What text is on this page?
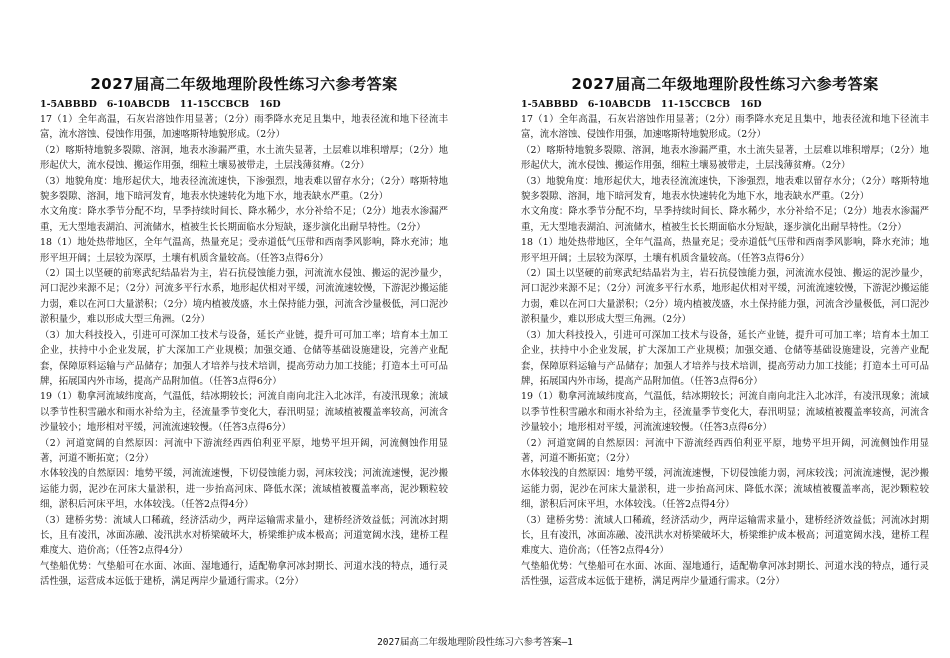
2027届高二年级地理阶段性练习六参考答案
1-5ABBBD   6-10ABCDB   11-15CCBCB   16D

17（1）全年高温，石灰岩溶蚀作用显著；（2分）雨季降水充足且集中，地表径流和地下径流丰富，流水溶蚀、侵蚀作用强，加速喀斯特地貌形成。（2分）

（2）喀斯特地貌多裂隙、溶洞，地表水渗漏严重，水土流失显著，土层难以堆积增厚；（2分）地形起伏大，流水侵蚀、搬运作用强，细粒土壤易被带走，土层浅薄贫瘠。（2分）

（3）地貌角度：地形起伏大，地表径流流速快，下渗强烈，地表难以留存水分；（2分）喀斯特地貌多裂隙、溶洞，地下暗河发育，地表水快速转化为地下水，地表缺水严重。（2分）

水文角度：降水季节分配不均，旱季持续时间长、降水稀少，水分补给不足；（2分）地表水渗漏严重，无大型地表湖泊、河流储水，植被生长长期面临水分短缺，逐步演化出耐旱特性。（2分）

18（1）地处热带地区，全年气温高，热量充足；受赤道低气压带和西南季风影响，降水充沛；地形平坦开阔；土层较为深厚，土壤有机质含量较高。（任答3点得6分）

（2）国土以坚硬的前寒武纪结晶岩为主，岩石抗侵蚀能力强，河流流水侵蚀、搬运的泥沙量少，河口泥沙来源不足；（2分）河流多平行水系，地形起伏相对平缓，河流流速较慢，下游泥沙搬运能力弱，难以在河口大量淤积；（2分）境内植被茂盛，水土保持能力强，河流含沙量极低，河口泥沙淤积量少，难以形成大型三角洲。（2分）

（3）加大科技投入，引进可可深加工技术与设备，延长产业链，提升可可加工率；培育本土加工企业，扶持中小企业发展，扩大深加工产业规模；加强交通、仓储等基础设施建设，完善产业配套，保障原料运输与产品储存；加强人才培养与技术培训，提高劳动力加工技能；打造本土可可品牌，拓展国内外市场，提高产品附加值。（任答3点得6分）

19（1）勒拿河流域纬度高，气温低，结冰期较长；河流自南向北注入北冰洋，有凌汛现象；流域以季节性积雪融水和雨水补给为主，径流量季节变化大，春汛明显；流域植被覆盖率较高，河流含沙量较小；地形相对平缓，河流流速较慢。（任答3点得6分）

（2）河道宽阔的自然原因：河流中下游流经西西伯利亚平原，地势平坦开阔，河流侧蚀作用显著，河道不断拓宽；（2分）

水体较浅的自然原因：地势平缓，河流流速慢，下切侵蚀能力弱，河床较浅；河流流速慢，泥沙搬运能力弱，泥沙在河床大量淤积，进一步抬高河床、降低水深；流域植被覆盖率高，泥沙颗粒较细，淤积后河床平坦，水体较浅。（任答2点得4分）

（3）建桥劣势：流域人口稀疏，经济活动少，两岸运输需求量小，建桥经济效益低；河流冰封期长，且有凌汛，冰面冻融、凌汛洪水对桥梁破坏大，桥梁维护成本极高；河道宽阔水浅，建桥工程难度大、造价高；（任答2点得4分）

气垫船优势：气垫船可在水面、冰面、湿地通行，适配勒拿河冰封期长、河道水浅的特点，通行灵活性强，运营成本远低于建桥，满足两岸少量通行需求。（2分）

2027届高二年级地理阶段性练习六参考答案
1-5ABBBD   6-10ABCDB   11-15CCBCB   16D

17（1）全年高温，石灰岩溶蚀作用显著；（2分）雨季降水充足且集中，地表径流和地下径流丰富，流水溶蚀、侵蚀作用强，加速喀斯特地貌形成。（2分）

（2）喀斯特地貌多裂隙、溶洞，地表水渗漏严重，水土流失显著，土层难以堆积增厚；（2分）地形起伏大，流水侵蚀、搬运作用强，细粒土壤易被带走，土层浅薄贫瘠。（2分）

（3）地貌角度：地形起伏大，地表径流流速快，下渗强烈，地表难以留存水分；（2分）喀斯特地貌多裂隙、溶洞，地下暗河发育，地表水快速转化为地下水，地表缺水严重。（2分）

水文角度：降水季节分配不均，旱季持续时间长、降水稀少，水分补给不足；（2分）地表水渗漏严重，无大型地表湖泊、河流储水，植被生长长期面临水分短缺，逐步演化出耐旱特性。（2分）

18（1）地处热带地区，全年气温高，热量充足；受赤道低气压带和西南季风影响，降水充沛；地形平坦开阔；土层较为深厚，土壤有机质含量较高。（任答3点得6分）

（2）国土以坚硬的前寒武纪结晶岩为主，岩石抗侵蚀能力强，河流流水侵蚀、搬运的泥沙量少，河口泥沙来源不足；（2分）河流多平行水系，地形起伏相对平缓，河流流速较慢，下游泥沙搬运能力弱，难以在河口大量淤积；（2分）境内植被茂盛，水土保持能力强，河流含沙量极低，河口泥沙淤积量少，难以形成大型三角洲。（2分）

（3）加大科技投入，引进可可深加工技术与设备，延长产业链，提升可可加工率；培育本土加工企业，扶持中小企业发展，扩大深加工产业规模；加强交通、仓储等基础设施建设，完善产业配套，保障原料运输与产品储存；加强人才培养与技术培训，提高劳动力加工技能；打造本土可可品牌，拓展国内外市场，提高产品附加值。（任答3点得6分）

19（1）勒拿河流域纬度高，气温低，结冰期较长；河流自南向北注入北冰洋，有凌汛现象；流域以季节性积雪融水和雨水补给为主，径流量季节变化大，春汛明显；流域植被覆盖率较高，河流含沙量较小；地形相对平缓，河流流速较慢。（任答3点得6分）

（2）河道宽阔的自然原因：河流中下游流经西西伯利亚平原，地势平坦开阔，河流侧蚀作用显著，河道不断拓宽；（2分）

水体较浅的自然原因：地势平缓，河流流速慢，下切侵蚀能力弱，河床较浅；河流流速慢，泥沙搬运能力弱，泥沙在河床大量淤积，进一步抬高河床、降低水深；流域植被覆盖率高，泥沙颗粒较细，淤积后河床平坦，水体较浅。（任答2点得4分）

（3）建桥劣势：流域人口稀疏，经济活动少，两岸运输需求量小，建桥经济效益低；河流冰封期长，且有凌汛，冰面冻融、凌汛洪水对桥梁破坏大，桥梁维护成本极高；河道宽阔水浅，建桥工程难度大、造价高；（任答2点得4分）

气垫船优势：气垫船可在水面、冰面、湿地通行，适配勒拿河冰封期长、河道水浅的特点，通行灵活性强，运营成本远低于建桥，满足两岸少量通行需求。（2分）

2027届高二年级地理阶段性练习六参考答案—1
